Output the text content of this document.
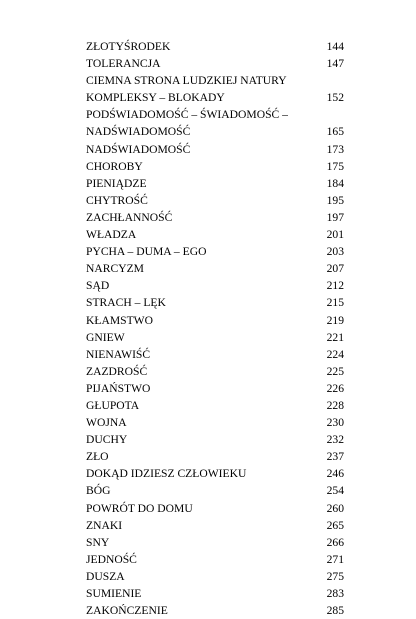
ZŁOTYŚRODEK	144
TOLERANCJA	147
CIEMNA STRONA LUDZKIEJ NATURY
KOMPLEKSY – BLOKADY	152
PODŚWIADOMOŚĆ – ŚWIADOMOŚĆ –
NADŚWIADOMOŚĆ	165
NADŚWIADOMOŚĆ	173
CHOROBY	175
PIENIĄDZE	184
CHYTROŚĆ	195
ZACHŁANNOŚĆ	197
WŁADZA	201
PYCHA – DUMA – EGO	203
NARCYZM	207
SĄD	212
STRACH – LĘK	215
KŁAMSTWO	219
GNIEW	221
NIENAWIŚĆ	224
ZAZDROŚĆ	225
PIJAŃSTWO	226
GŁUPOTA	228
WOJNA	230
DUCHY	232
ZŁO	237
DOKĄD IDZIESZ CZŁOWIEKU	246
BÓG	254
POWRÓT DO DOMU	260
ZNAKI	265
SNY	266
JEDNOŚĆ	271
DUSZA	275
SUMIENIE	283
ZAKOŃCZENIE	285
